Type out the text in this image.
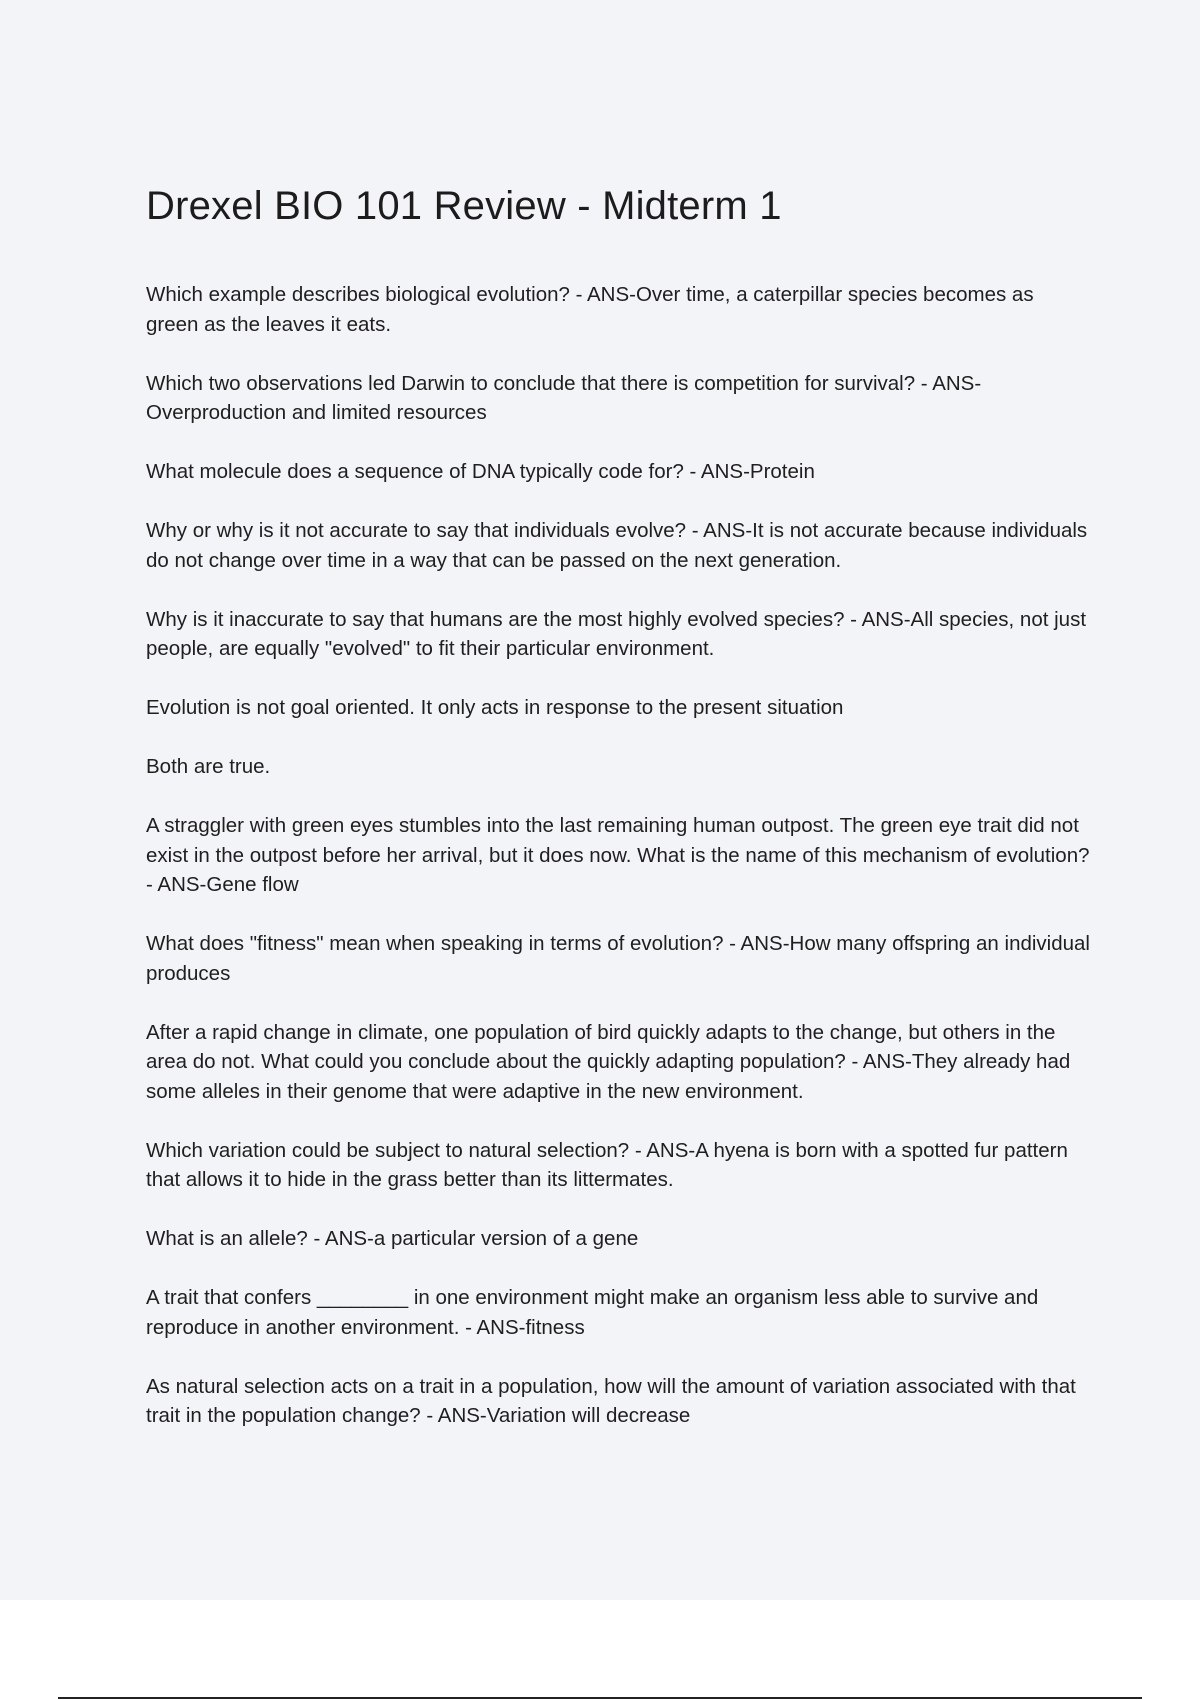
Drexel BIO 101 Review - Midterm 1

Which example describes biological evolution? - ANS-Over time, a caterpillar species becomes as green as the leaves it eats.

Which two observations led Darwin to conclude that there is competition for survival? - ANS-Overproduction and limited resources

What molecule does a sequence of DNA typically code for? - ANS-Protein

Why or why is it not accurate to say that individuals evolve? - ANS-It is not accurate because individuals do not change over time in a way that can be passed on the next generation.

Why is it inaccurate to say that humans are the most highly evolved species? - ANS-All species, not just people, are equally "evolved" to fit their particular environment.

Evolution is not goal oriented. It only acts in response to the present situation

Both are true.

A straggler with green eyes stumbles into the last remaining human outpost. The green eye trait did not exist in the outpost before her arrival, but it does now. What is the name of this mechanism of evolution? - ANS-Gene flow

What does "fitness" mean when speaking in terms of evolution? - ANS-How many offspring an individual produces

After a rapid change in climate, one population of bird quickly adapts to the change, but others in the area do not. What could you conclude about the quickly adapting population? - ANS-They already had some alleles in their genome that were adaptive in the new environment.

Which variation could be subject to natural selection? - ANS-A hyena is born with a spotted fur pattern that allows it to hide in the grass better than its littermates.

What is an allele? - ANS-a particular version of a gene

A trait that confers ________ in one environment might make an organism less able to survive and reproduce in another environment. - ANS-fitness

As natural selection acts on a trait in a population, how will the amount of variation associated with that trait in the population change? - ANS-Variation will decrease
